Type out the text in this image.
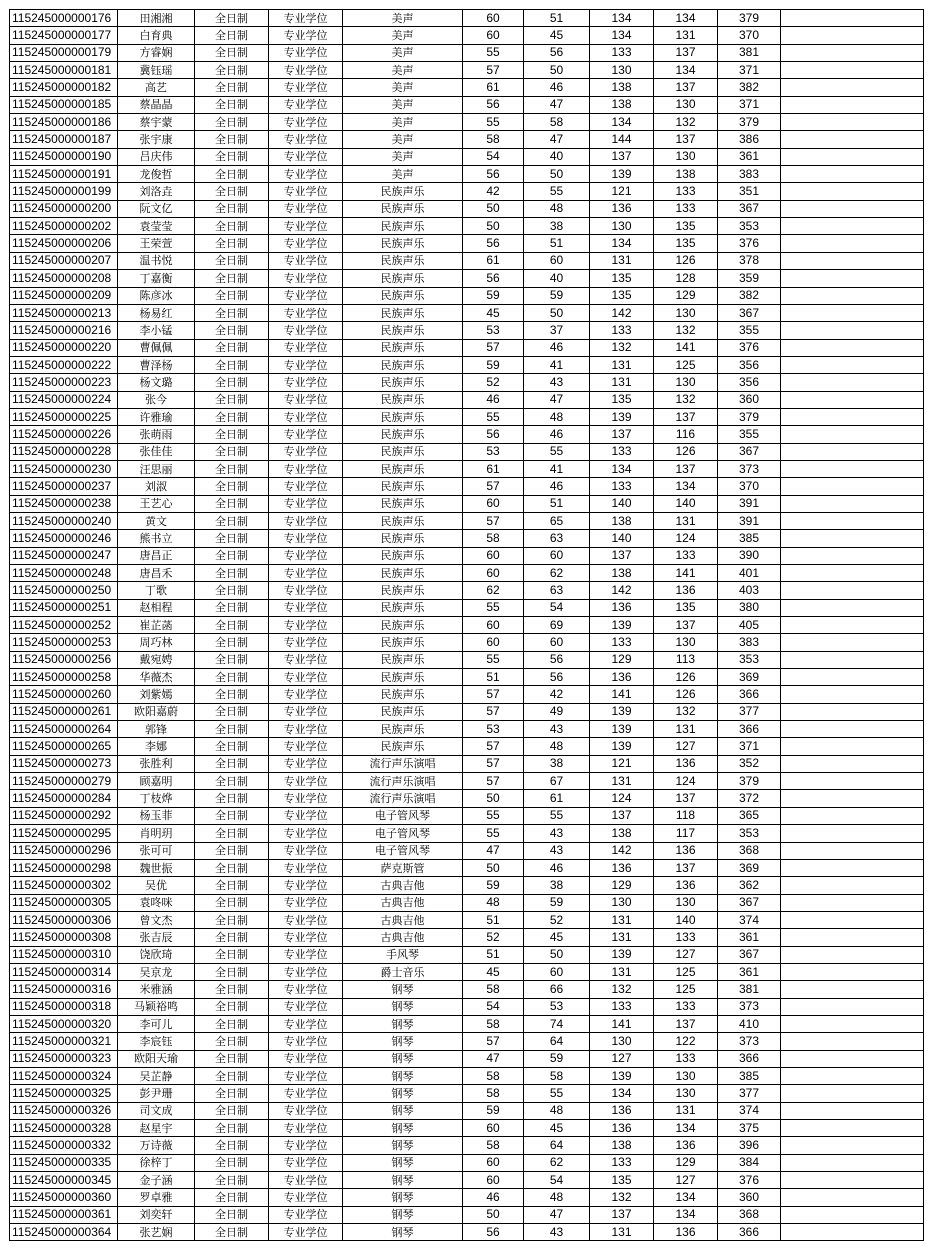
115245000000176	田湘湘	全日制	专业学位	美声	60	51	134	134	379	
115245000000177	白育典	全日制	专业学位	美声	60	45	134	131	370	
115245000000179	方睿娴	全日制	专业学位	美声	55	56	133	137	381	
115245000000181	冀钰瑶	全日制	专业学位	美声	57	50	130	134	371	
115245000000182	高艺	全日制	专业学位	美声	61	46	138	137	382	
115245000000185	蔡晶晶	全日制	专业学位	美声	56	47	138	130	371	
115245000000186	蔡宇蒙	全日制	专业学位	美声	55	58	134	132	379	
115245000000187	张宇康	全日制	专业学位	美声	58	47	144	137	386	
115245000000190	吕庆伟	全日制	专业学位	美声	54	40	137	130	361	
115245000000191	龙俊哲	全日制	专业学位	美声	56	50	139	138	383	
115245000000199	刘洛垚	全日制	专业学位	民族声乐	42	55	121	133	351	
115245000000200	阮文亿	全日制	专业学位	民族声乐	50	48	136	133	367	
115245000000202	袁莹莹	全日制	专业学位	民族声乐	50	38	130	135	353	
115245000000206	王荣萱	全日制	专业学位	民族声乐	56	51	134	135	376	
115245000000207	温书悦	全日制	专业学位	民族声乐	61	60	131	126	378	
115245000000208	丁嘉衡	全日制	专业学位	民族声乐	56	40	135	128	359	
115245000000209	陈彦冰	全日制	专业学位	民族声乐	59	59	135	129	382	
115245000000213	杨易红	全日制	专业学位	民族声乐	45	50	142	130	367	
115245000000216	李小锰	全日制	专业学位	民族声乐	53	37	133	132	355	
115245000000220	曹佩佩	全日制	专业学位	民族声乐	57	46	132	141	376	
115245000000222	曹泽杨	全日制	专业学位	民族声乐	59	41	131	125	356	
115245000000223	杨文璐	全日制	专业学位	民族声乐	52	43	131	130	356	
115245000000224	张今	全日制	专业学位	民族声乐	46	47	135	132	360	
115245000000225	许雅瑜	全日制	专业学位	民族声乐	55	48	139	137	379	
115245000000226	张萌雨	全日制	专业学位	民族声乐	56	46	137	116	355	
115245000000228	张佳佳	全日制	专业学位	民族声乐	53	55	133	126	367	
115245000000230	汪思丽	全日制	专业学位	民族声乐	61	41	134	137	373	
115245000000237	刘淑	全日制	专业学位	民族声乐	57	46	133	134	370	
115245000000238	王艺心	全日制	专业学位	民族声乐	60	51	140	140	391	
115245000000240	黄文	全日制	专业学位	民族声乐	57	65	138	131	391	
115245000000246	熊书立	全日制	专业学位	民族声乐	58	63	140	124	385	
115245000000247	唐昌正	全日制	专业学位	民族声乐	60	60	137	133	390	
115245000000248	唐昌禾	全日制	专业学位	民族声乐	60	62	138	141	401	
115245000000250	丁歌	全日制	专业学位	民族声乐	62	63	142	136	403	
115245000000251	赵相程	全日制	专业学位	民族声乐	55	54	136	135	380	
115245000000252	崔芷菡	全日制	专业学位	民族声乐	60	69	139	137	405	
115245000000253	周巧林	全日制	专业学位	民族声乐	60	60	133	130	383	
115245000000256	戴宛娉	全日制	专业学位	民族声乐	55	56	129	113	353	
115245000000258	华薇杰	全日制	专业学位	民族声乐	51	56	136	126	369	
115245000000260	刘紫嫣	全日制	专业学位	民族声乐	57	42	141	126	366	
115245000000261	欧阳嘉蔚	全日制	专业学位	民族声乐	57	49	139	132	377	
115245000000264	郭锋	全日制	专业学位	民族声乐	53	43	139	131	366	
115245000000265	李娜	全日制	专业学位	民族声乐	57	48	139	127	371	
115245000000273	张胜利	全日制	专业学位	流行声乐演唱	57	38	121	136	352	
115245000000279	顾嘉明	全日制	专业学位	流行声乐演唱	57	67	131	124	379	
115245000000284	丁枝烨	全日制	专业学位	流行声乐演唱	50	61	124	137	372	
115245000000292	杨玉菲	全日制	专业学位	电子管风琴	55	55	137	118	365	
115245000000295	肖明玥	全日制	专业学位	电子管风琴	55	43	138	117	353	
115245000000296	张可可	全日制	专业学位	电子管风琴	47	43	142	136	368	
115245000000298	魏世振	全日制	专业学位	萨克斯管	50	46	136	137	369	
115245000000302	吴优	全日制	专业学位	古典吉他	59	38	129	136	362	
115245000000305	袁咚咪	全日制	专业学位	古典吉他	48	59	130	130	367	
115245000000306	曾文杰	全日制	专业学位	古典吉他	51	52	131	140	374	
115245000000308	张吉辰	全日制	专业学位	古典吉他	52	45	131	133	361	
115245000000310	饶欣琦	全日制	专业学位	手风琴	51	50	139	127	367	
115245000000314	吴京龙	全日制	专业学位	爵士音乐	45	60	131	125	361	
115245000000316	米雅涵	全日制	专业学位	钢琴	58	66	132	125	381	
115245000000318	马颖裕鸣	全日制	专业学位	钢琴	54	53	133	133	373	
115245000000320	李可儿	全日制	专业学位	钢琴	58	74	141	137	410	
115245000000321	李宸钰	全日制	专业学位	钢琴	57	64	130	122	373	
115245000000323	欧阳天瑜	全日制	专业学位	钢琴	47	59	127	133	366	
115245000000324	吴芷静	全日制	专业学位	钢琴	58	58	139	130	385	
115245000000325	彭尹珊	全日制	专业学位	钢琴	58	55	134	130	377	
115245000000326	司文成	全日制	专业学位	钢琴	59	48	136	131	374	
115245000000328	赵星宇	全日制	专业学位	钢琴	60	45	136	134	375	
115245000000332	万诗薇	全日制	专业学位	钢琴	58	64	138	136	396	
115245000000335	徐梓丁	全日制	专业学位	钢琴	60	62	133	129	384	
115245000000345	金子涵	全日制	专业学位	钢琴	60	54	135	127	376	
115245000000360	罗卓雅	全日制	专业学位	钢琴	46	48	132	134	360	
115245000000361	刘奕轩	全日制	专业学位	钢琴	50	47	137	134	368	
115245000000364	张艺娴	全日制	专业学位	钢琴	56	43	131	136	366	
